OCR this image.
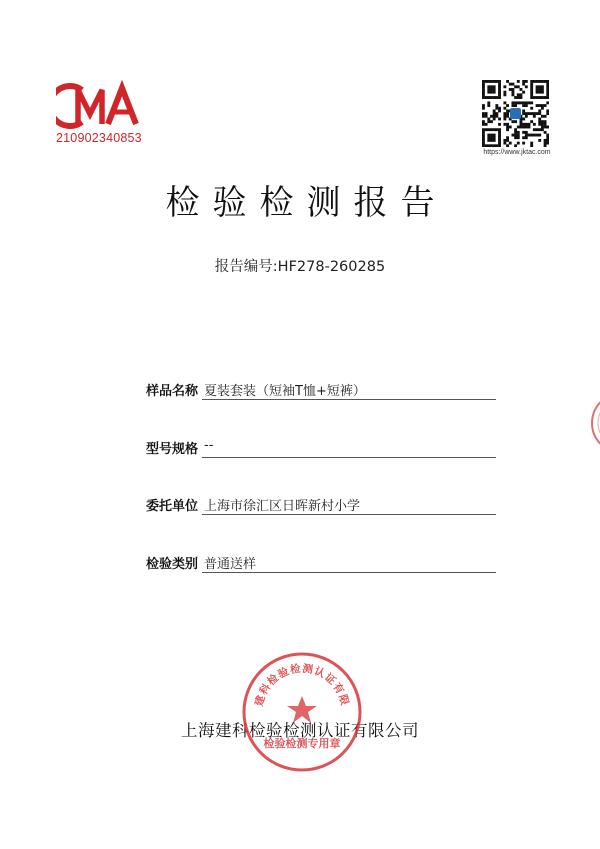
210902340853
https://www.jktac.com
检验检测报告
报告编号:HF278-260285
样品名称 夏装套装（短袖T恤+短裤）
型号规格 --
委托单位 上海市徐汇区日晖新村小学
检验类别 普通送样
上海建科检验检测认证有限公司
建科检验检测认证有限
检验检测专用章
